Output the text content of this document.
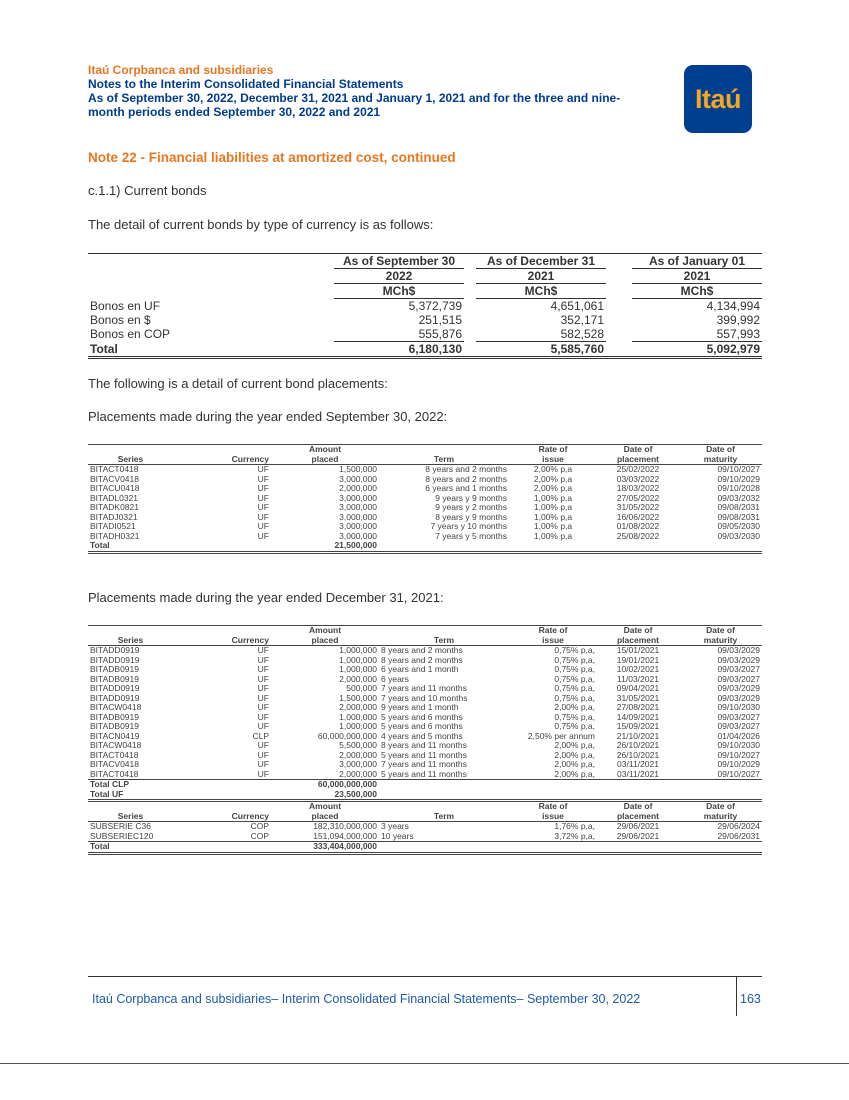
Itaú Corpbanca and subsidiaries
Notes to the Interim Consolidated Financial Statements
As of September 30, 2022, December 31, 2021 and January 1, 2021 and for the three and nine-
month periods ended September 30, 2022 and 2021	Itaú
Note 22 - Financial liabilities at amortized cost, continued
c.1.1) Current bonds
The detail of current bonds by type of currency is as follows:
	As of September 30		As of December 31		As of January 01
	2022		2021		2021
	MCh$		MCh$		MCh$
Bonos en UF	5,372,739		4,651,061		4,134,994
Bonos en $	251,515		352,171		399,992
Bonos en COP	555,876		582,528		557,993
Total	6,180,130		5,585,760		5,092,979
The following is a detail of current bond placements:
Placements made during the year ended September 30, 2022:
		Amount		Rate of	Date of	Date of
Series	Currency	placed	Term	issue	placement	maturity
BITACT0418	UF	1,500,000	8 years and 2 months	2,00% p,a	25/02/2022	09/10/2027
BITACV0418	UF	3,000,000	8 years and 2 months	2,00% p,a	03/03/2022	09/10/2029
BITACU0418	UF	2,000,000	6 years and 1 months	2,00% p,a	18/03/2022	09/10/2028
BITADL0321	UF	3,000,000	9 years y 9 months	1,00% p,a	27/05/2022	09/03/2032
BITADK0821	UF	3,000,000	9 years y 2 months	1,00% p,a	31/05/2022	09/08/2031
BITADJ0321	UF	3,000,000	8 years y 9 months	1,00% p,a	16/06/2022	09/08/2031
BITADI0521	UF	3,000,000	7 years y 10 months	1,00% p,a	01/08/2022	09/05/2030
BITADH0321	UF	3,000,000	7 years y 5 months	1,00% p,a	25/08/2022	09/03/2030
Total		21,500,000				
Placements made during the year ended December 31, 2021:
		Amount		Rate of	Date of	Date of
Series	Currency	placed	Term	issue	placement	maturity
BITADD0919	UF	1,000,000	8 years and 2 months	0,75% p,a,	15/01/2021	09/03/2029
BITADD0919	UF	1,000,000	8 years and 2 months	0,75% p,a,	19/01/2021	09/03/2029
BITADB0919	UF	1,000,000	6 years and 1 month	0,75% p,a,	10/02/2021	09/03/2027
BITADB0919	UF	2,000,000	6 years	0,75% p,a,	11/03/2021	09/03/2027
BITADD0919	UF	500,000	7 years and 11 months	0,75% p,a,	09/04/2021	09/03/2029
BITADD0919	UF	1,500,000	7 years and 10 months	0,75% p,a,	31/05/2021	09/03/2029
BITACW0418	UF	2,000,000	9 years and 1 month	2,00% p,a,	27/08/2021	09/10/2030
BITADB0919	UF	1,000,000	5 years and 6 months	0,75% p,a,	14/09/2021	09/03/2027
BITADB0919	UF	1,000,000	5 years and 6 months	0,75% p,a,	15/09/2021	09/03/2027
BITACN0419	CLP	60,000,000,000	4 years and 5 months	2,50% per annum	21/10/2021	01/04/2026
BITACW0418	UF	5,500,000	8 years and 11 months	2,00% p,a,	26/10/2021	09/10/2030
BITACT0418	UF	2,000,000	5 years and 11 months	2,00% p,a,	26/10/2021	09/10/2027
BITACV0418	UF	3,000,000	7 years and 11 months	2,00% p,a,	03/11/2021	09/10/2029
BITACT0418	UF	2,000,000	5 years and 11 months	2,00% p,a,	03/11/2021	09/10/2027
Total CLP		60,000,000,000				
Total UF		23,500,000				
		Amount		Rate of	Date of	Date of
Series	Currency	placed	Term	issue	placement	maturity
SUBSERIE C36	COP	182,310,000,000	3 years	1,76% p,a,	29/06/2021	29/06/2024
SUBSERIEC120	COP	151,094,000,000	10 years	3,72% p,a,	29/06/2021	29/06/2031
Total		333,404,000,000				
Itaú Corpbanca and subsidiaries– Interim Consolidated Financial Statements– September 30, 2022	163
